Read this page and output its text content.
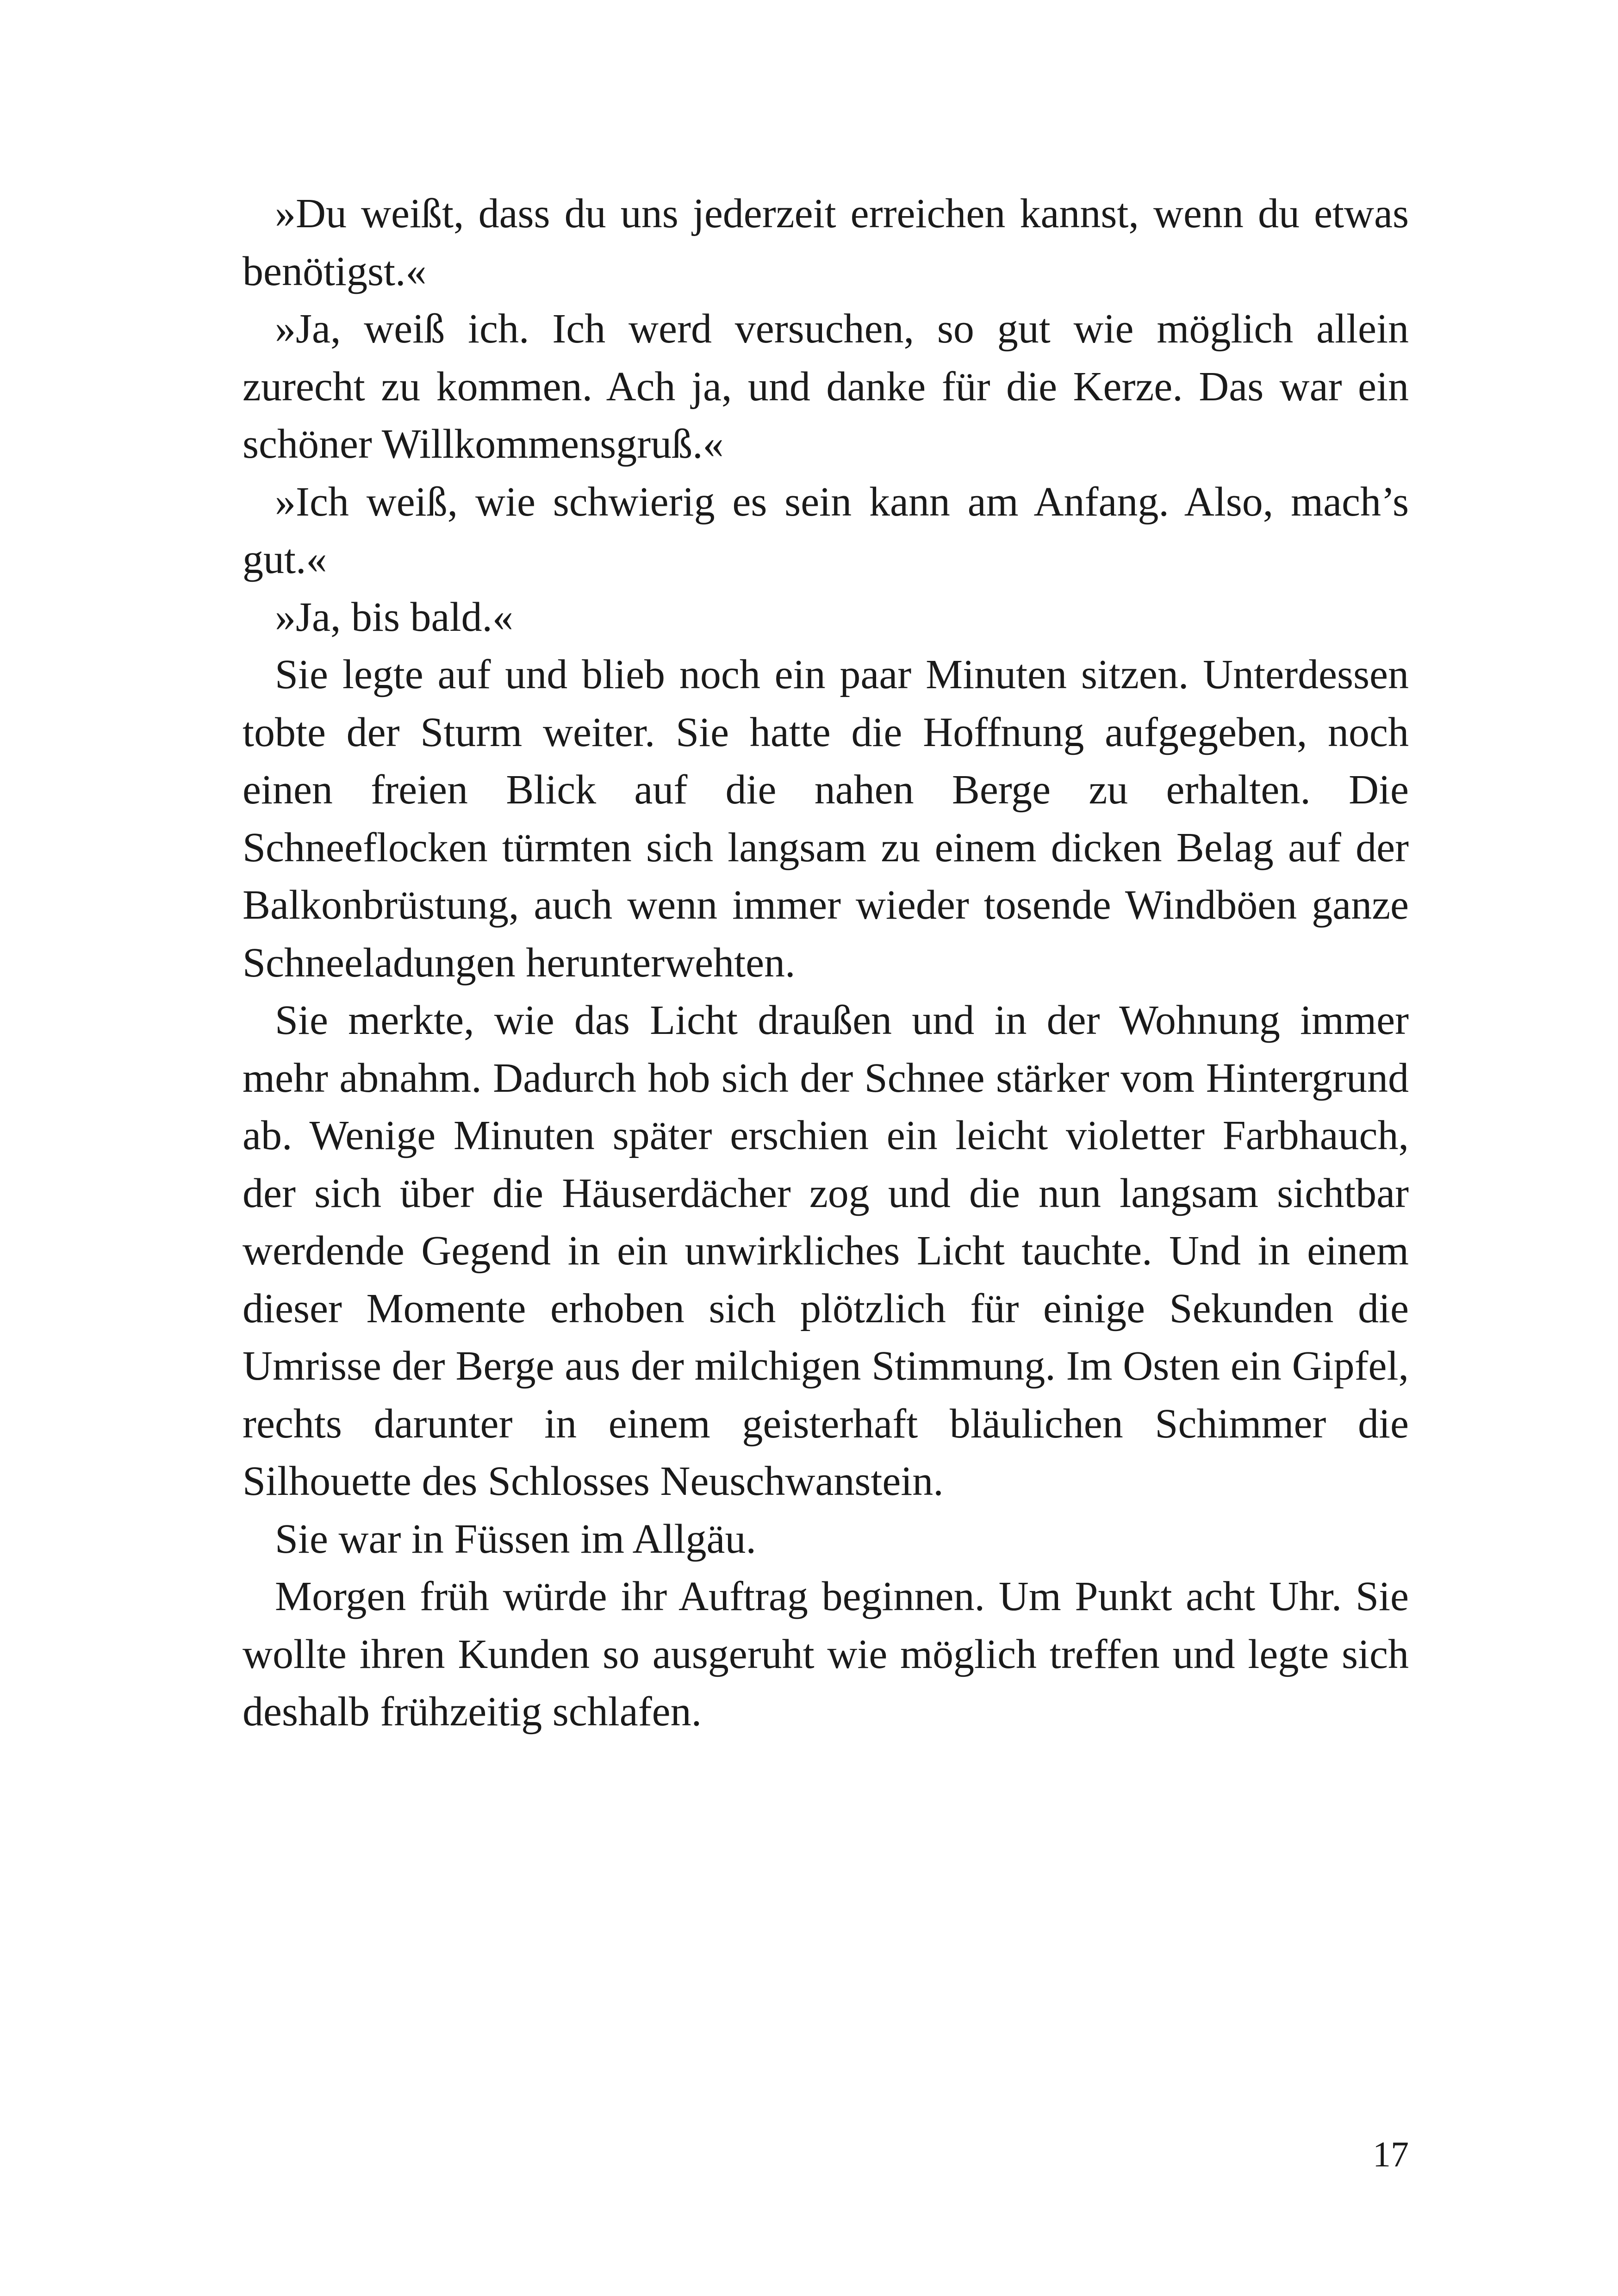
»Du weißt, dass du uns jederzeit erreichen kannst, wenn du etwas benötigst.«

»Ja, weiß ich. Ich werd versuchen, so gut wie möglich allein zurecht zu kommen. Ach ja, und danke für die Kerze. Das war ein schöner Willkommensgruß.«

»Ich weiß, wie schwierig es sein kann am Anfang. Also, mach’s gut.«

»Ja, bis bald.«

Sie legte auf und blieb noch ein paar Minuten sitzen. Unterdessen tobte der Sturm weiter. Sie hatte die Hoffnung aufgegeben, noch einen freien Blick auf die nahen Berge zu erhalten. Die Schneeflocken türmten sich langsam zu einem dicken Belag auf der Balkonbrüstung, auch wenn immer wieder tosende Windböen ganze Schneeladungen herunterwehten.

Sie merkte, wie das Licht draußen und in der Wohnung immer mehr abnahm. Dadurch hob sich der Schnee stärker vom Hintergrund ab. Wenige Minuten später erschien ein leicht violetter Farbhauch, der sich über die Häuserdächer zog und die nun langsam sichtbar werdende Gegend in ein unwirkliches Licht tauchte. Und in einem dieser Momente erhoben sich plötzlich für einige Sekunden die Umrisse der Berge aus der milchigen Stimmung. Im Osten ein Gipfel, rechts darunter in einem geisterhaft bläulichen Schimmer die Silhouette des Schlosses Neuschwanstein.

Sie war in Füssen im Allgäu.

Morgen früh würde ihr Auftrag beginnen. Um Punkt acht Uhr. Sie wollte ihren Kunden so ausgeruht wie möglich treffen und legte sich deshalb frühzeitig schlafen.

17
